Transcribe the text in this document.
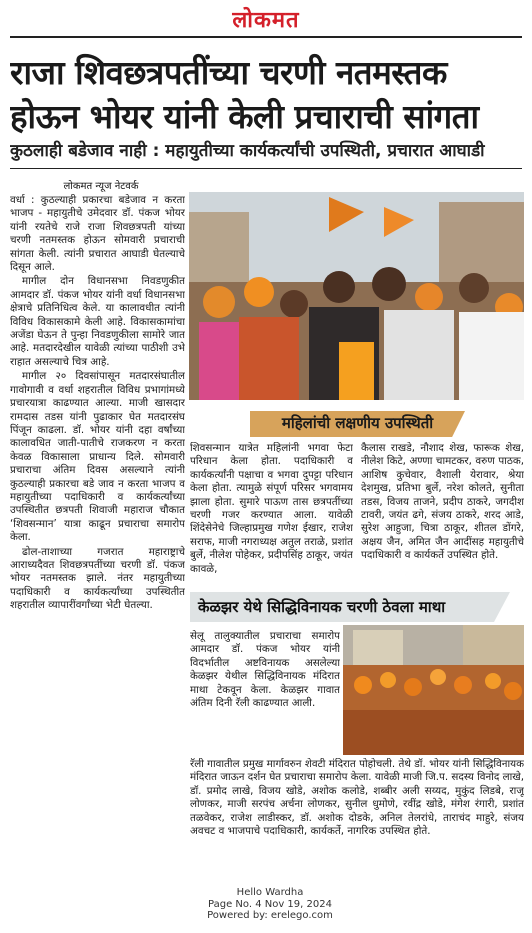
लोकमत
राजा शिवछत्रपतींच्या चरणी नतमस्तक
होऊन भोयर यांनी केली प्रचाराची सांगता
कुठलाही बडेजाव नाही : महायुतीच्या कार्यकर्त्यांची उपस्थिती, प्रचारात आघाडी
लोकमत न्यूज नेटवर्क

वर्धा : कुठल्याही प्रकारचा बडेजाव न करता भाजप - महायुतीचे उमेदवार डॉ. पंकज भोयर यांनी रयतेचे राजे राजा शिवछत्रपती यांच्या चरणी नतमस्तक होऊन सोमवारी प्रचाराची सांगता केली. त्यांनी प्रचारात आघाडी घेतल्याचे दिसून आले.

मागील दोन विधानसभा निवडणुकीत आमदार डॉ. पंकज भोयर यांनी वर्धा विधानसभा क्षेत्राचे प्रतिनिधित्व केले. या कालावधीत त्यांनी विविध विकासकामे केली आहे. विकासकामांचा अजेंडा घेऊन ते पुन्हा निवडणुकीला सामोरे जात आहे. मतदारदेखील यावेळी त्यांच्या पाठीशी उभे राहात असल्याचे चित्र आहे.

मागील २० दिवसांपासून मतदारसंघातील गावोगावी व वर्धा शहरातील विविध प्रभागांमध्ये प्रचारयात्रा काढण्यात आल्या. माजी खासदार रामदास तडस यांनी पुढाकार घेत मतदारसंघ पिंजून काढला. डॉ. भोयर यांनी दहा वर्षांच्या कालावधित जाती-पातीचे राजकरण न करता केवळ विकासाला प्राधान्य दिले. सोमवारी प्रचाराचा अंतिम दिवस असल्याने त्यांनी कुठल्याही प्रकारचा बडे जाव न करता भाजप व महायुतीच्या पदाधिकारी व कार्यकर्त्यांच्या उपस्थितीत छत्रपती शिवाजी महाराज चौकात ‘शिवसन्मान’ यात्रा काढून प्रचाराचा समारोप केला.

ढोल-ताशाच्या गजरात महाराष्ट्राचे आराध्यदैवत शिवछत्रपतींच्या चरणी डॉ. पंकज भोयर नतमस्तक झाले. नंतर महायुतीच्या पदाधिकारी व कार्यकर्त्यांच्या उपस्थितीत शहरातील व्यापारींवर्गांच्या भेटी घेतल्या.

महिलांची लक्षणीय उपस्थिती

शिवसन्मान यात्रेत महिलांनी भगवा फेटा परिधान केला होता. पदाधिकारी व कार्यकर्त्यांनी पक्षाचा व भगवा दुपट्टा परिधान केला होता. त्यामुळे संपूर्ण परिसर भगवामय झाला होता. सुमारे पाऊण तास छत्रपतींच्या चरणी गजर करण्यात आला. यावेळी शिंदेसेनेचे जिल्हाप्रमुख गणेश ईखार, राजेश सराफ, माजी नगराध्यक्ष अतुल तराळे, प्रशांत बुर्ले, नीलेश पोहेकर, प्रदीपसिंह ठाकूर, जयंत कावळे,

कैलास राखडे, नौशाद शेख, फारूक शेख, नीलेश किटे, अण्णा चामटकर, वरुण पाठक, आशिष कुचेवार, वैशाली येरावार, श्रेया देशमुख, प्रतिभा बुर्ले, नरेश कोलते, सुनीता तडस, विजय ताजने, प्रदीप ठाकरे, जगदीश टावरी, जयंत ढगे, संजय ठाकरे, शरद आडे, सुरेश आहुजा, चित्रा ठाकूर, शीतल डोंगरे, अक्षय जैन, अमित जैन आदींसह महायुतीचे पदाधिकारी व कार्यकर्ते उपस्थित होते.

केळझर येथे सिद्धिविनायक चरणी ठेवला माथा

सेलू तालुक्यातील प्रचाराचा समारोप आमदार डॉ. पंकज भोयर यांनी विदर्भातील अष्टविनायक असलेल्या केळझर येथील सिद्धिविनायक मंदिरात माथा टेकवून केला. केळझर गावात अंतिम दिनी रॅली काढण्यात आली.

रॅली गावातील प्रमुख मार्गावरुन शेवटी मंदिरात पोहोचली. तेथे डॉ. भोयर यांनी सिद्धिविनायक मंदिरात जाऊन दर्शन घेत प्रचाराचा समारोप केला. यावेळी माजी जि.प. सदस्य विनोद लाखे, डॉ. प्रमोद लाखे, विजय खोडे, अशोक कलोडे, शब्बीर अली सय्यद, मुकुंद लिडबे, राजू लोणकर, माजी सरपंच अर्चना लोणकर, सुनील धुमोणे, रवींद्र खोडे, मंगेश रंगारी, प्रशांत तळवेकर, राजेश लाडीस्कर, डॉ. अशोक दोडके, अनिल तेलरांधे, ताराचंद माहुरे, संजय अवचट व भाजपाचे पदाधिकारी, कार्यकर्ते, नागरिक उपस्थित होते.

Hello Wardha
Page No. 4 Nov 19, 2024
Powered by: erelego.com
